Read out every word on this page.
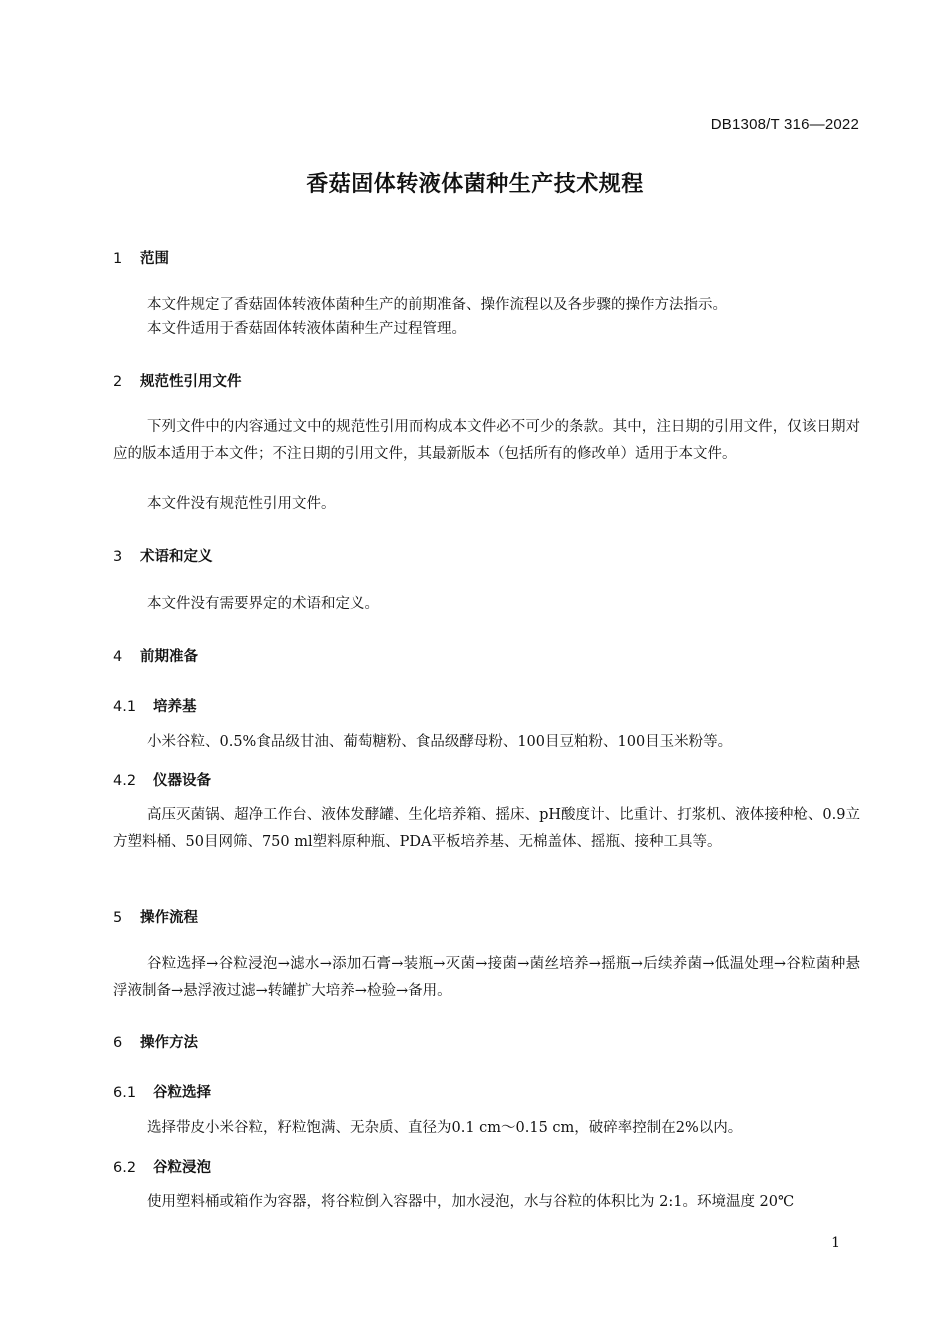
DB1308/T 316—2022
香菇固体转液体菌种生产技术规程
1 范围
本文件规定了香菇固体转液体菌种生产的前期准备、操作流程以及各步骤的操作方法指示。
本文件适用于香菇固体转液体菌种生产过程管理。
2 规范性引用文件
下列文件中的内容通过文中的规范性引用而构成本文件必不可少的条款。其中，注日期的引用文件，仅该日期对应的版本适用于本文件；不注日期的引用文件，其最新版本（包括所有的修改单）适用于本文件。
本文件没有规范性引用文件。
3 术语和定义
本文件没有需要界定的术语和定义。
4 前期准备
4.1 培养基
小米谷粒、0.5%食品级甘油、葡萄糖粉、食品级酵母粉、100目豆粕粉、100目玉米粉等。
4.2 仪器设备
高压灭菌锅、超净工作台、液体发酵罐、生化培养箱、摇床、pH酸度计、比重计、打浆机、液体接种枪、0.9立方塑料桶、50目网筛、750 ml塑料原种瓶、PDA平板培养基、无棉盖体、摇瓶、接种工具等。
5 操作流程
谷粒选择→谷粒浸泡→滤水→添加石膏→装瓶→灭菌→接菌→菌丝培养→摇瓶→后续养菌→低温处理→谷粒菌种悬浮液制备→悬浮液过滤→转罐扩大培养→检验→备用。
6 操作方法
6.1 谷粒选择
选择带皮小米谷粒，籽粒饱满、无杂质、直径为0.1 cm～0.15 cm，破碎率控制在2%以内。
6.2 谷粒浸泡
使用塑料桶或箱作为容器，将谷粒倒入容器中，加水浸泡，水与谷粒的体积比为 2:1。环境温度 20℃
1
